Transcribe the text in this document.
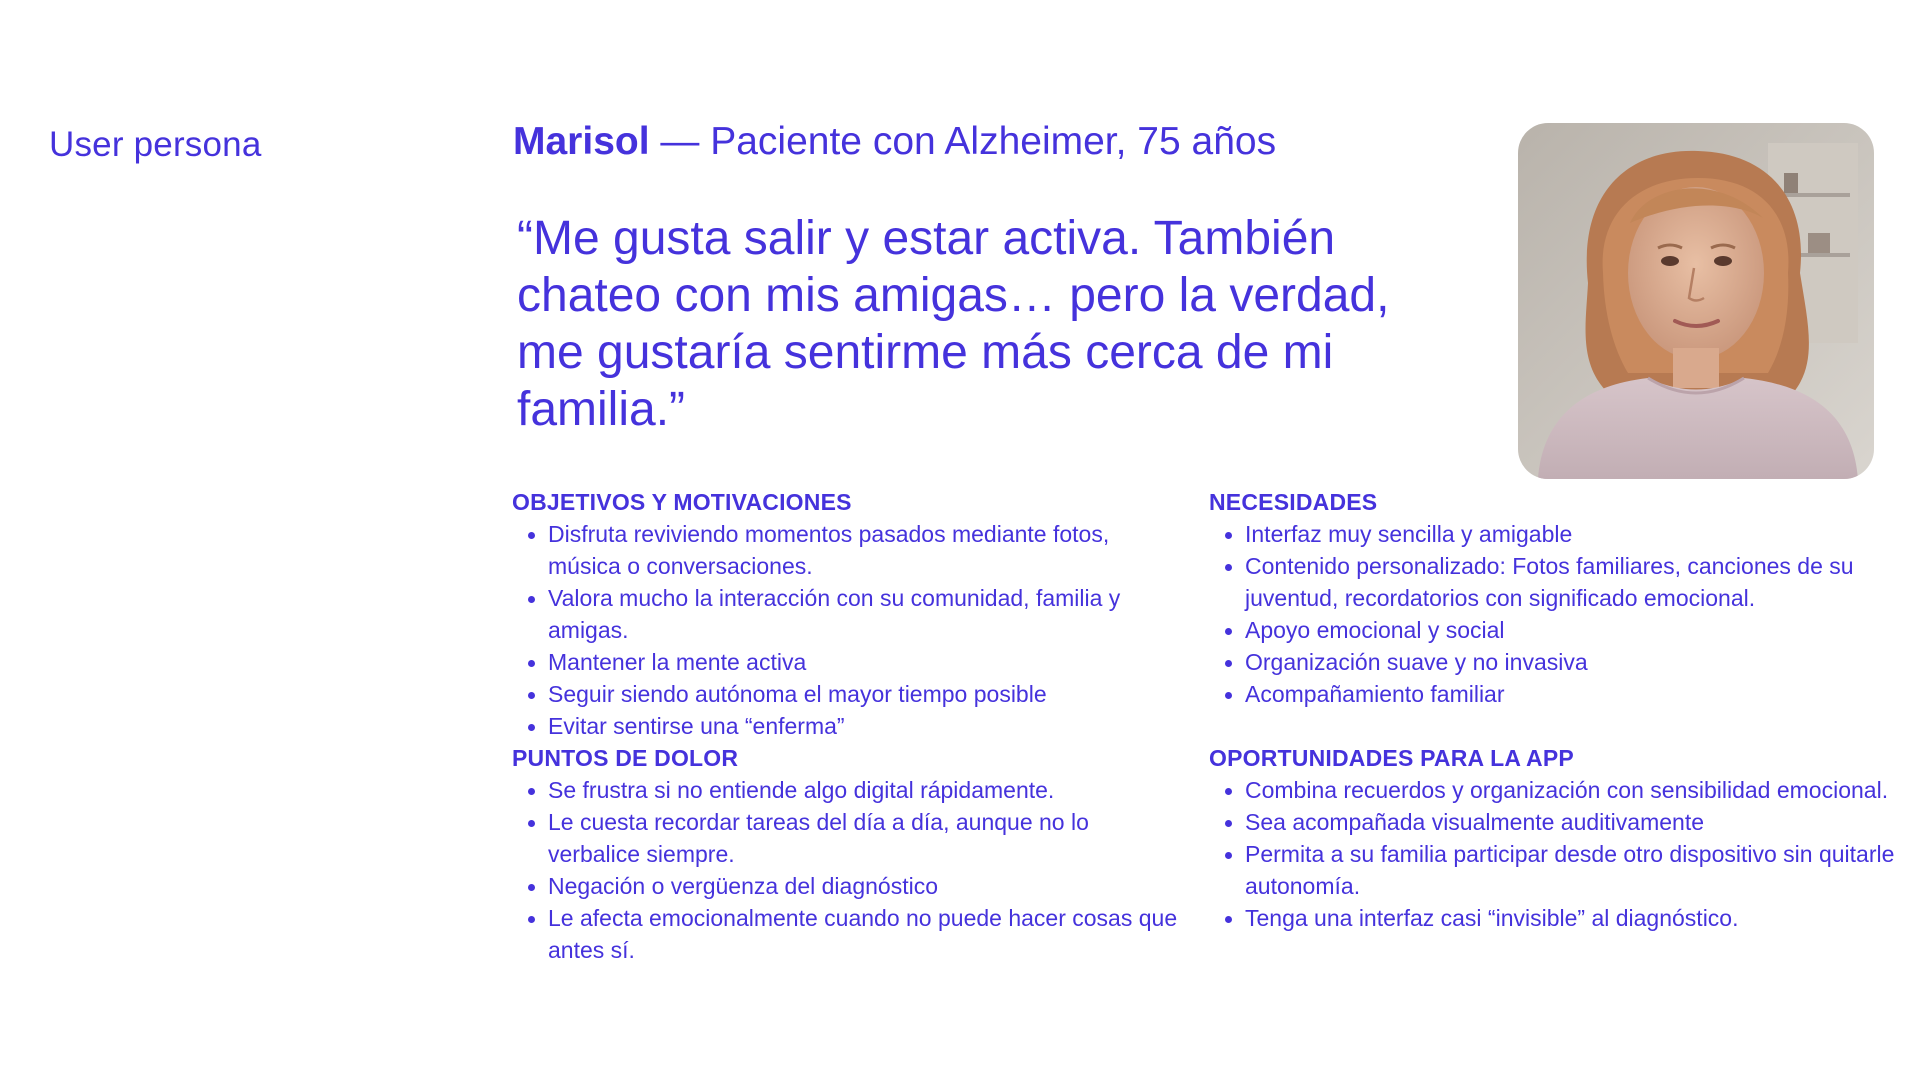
User persona	Marisol — Paciente con Alzheimer, 75 años

“Me gusta salir y estar activa. También chateo con mis amigas… pero la verdad, me gustaría sentirme más cerca de mi familia.”

OBJETIVOS Y MOTIVACIONES
Disfruta reviviendo momentos pasados mediante fotos, música o conversaciones.
Valora mucho la interacción con su comunidad, familia y amigas.
Mantener la mente activa
Seguir siendo autónoma el mayor tiempo posible
Evitar sentirse una “enferma”
PUNTOS DE DOLOR
Se frustra si no entiende algo digital rápidamente.
Le cuesta recordar tareas del día a día, aunque no lo verbalice siempre.
Negación o vergüenza del diagnóstico
Le afecta emocionalmente cuando no puede hacer cosas que antes sí.
NECESIDADES
Interfaz muy sencilla y amigable
Contenido personalizado: Fotos familiares, canciones de su juventud, recordatorios con significado emocional.
Apoyo emocional y social
Organización suave y no invasiva
Acompañamiento familiar
OPORTUNIDADES PARA LA APP
Combina recuerdos y organización con sensibilidad emocional.
Sea acompañada visualmente auditivamente
Permita a su familia participar desde otro dispositivo sin quitarle autonomía.
Tenga una interfaz casi “invisible” al diagnóstico.
